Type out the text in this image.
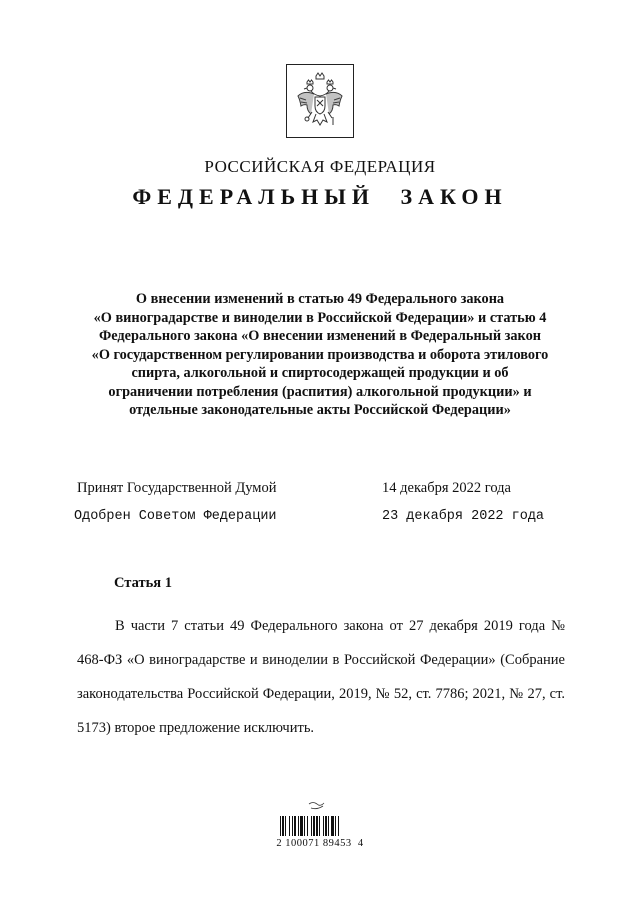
РОССИЙСКАЯ ФЕДЕРАЦИЯ
ФЕДЕРАЛЬНЫЙ ЗАКОН
О внесении изменений в статью 49 Федерального закона
«О виноградарстве и виноделии в Российской Федерации» и статью 4
Федерального закона «О внесении изменений в Федеральный закон
«О государственном регулировании производства и оборота этилового
спирта, алкогольной и спиртосодержащей продукции и об
ограничении потребления (распития) алкогольной продукции» и
отдельные законодательные акты Российской Федерации»
Принят Государственной Думой	14 декабря 2022 года
Одобрен Советом Федерации	23 декабря 2022 года
Статья 1

В части 7 статьи 49 Федерального закона от 27 декабря 2019 года № 468-ФЗ «О виноградарстве и виноделии в Российской Федерации» (Собрание законодательства Российской Федерации, 2019, № 52, ст. 7786; 2021, № 27, ст. 5173) второе предложение исключить.

2 100071 89453  4
